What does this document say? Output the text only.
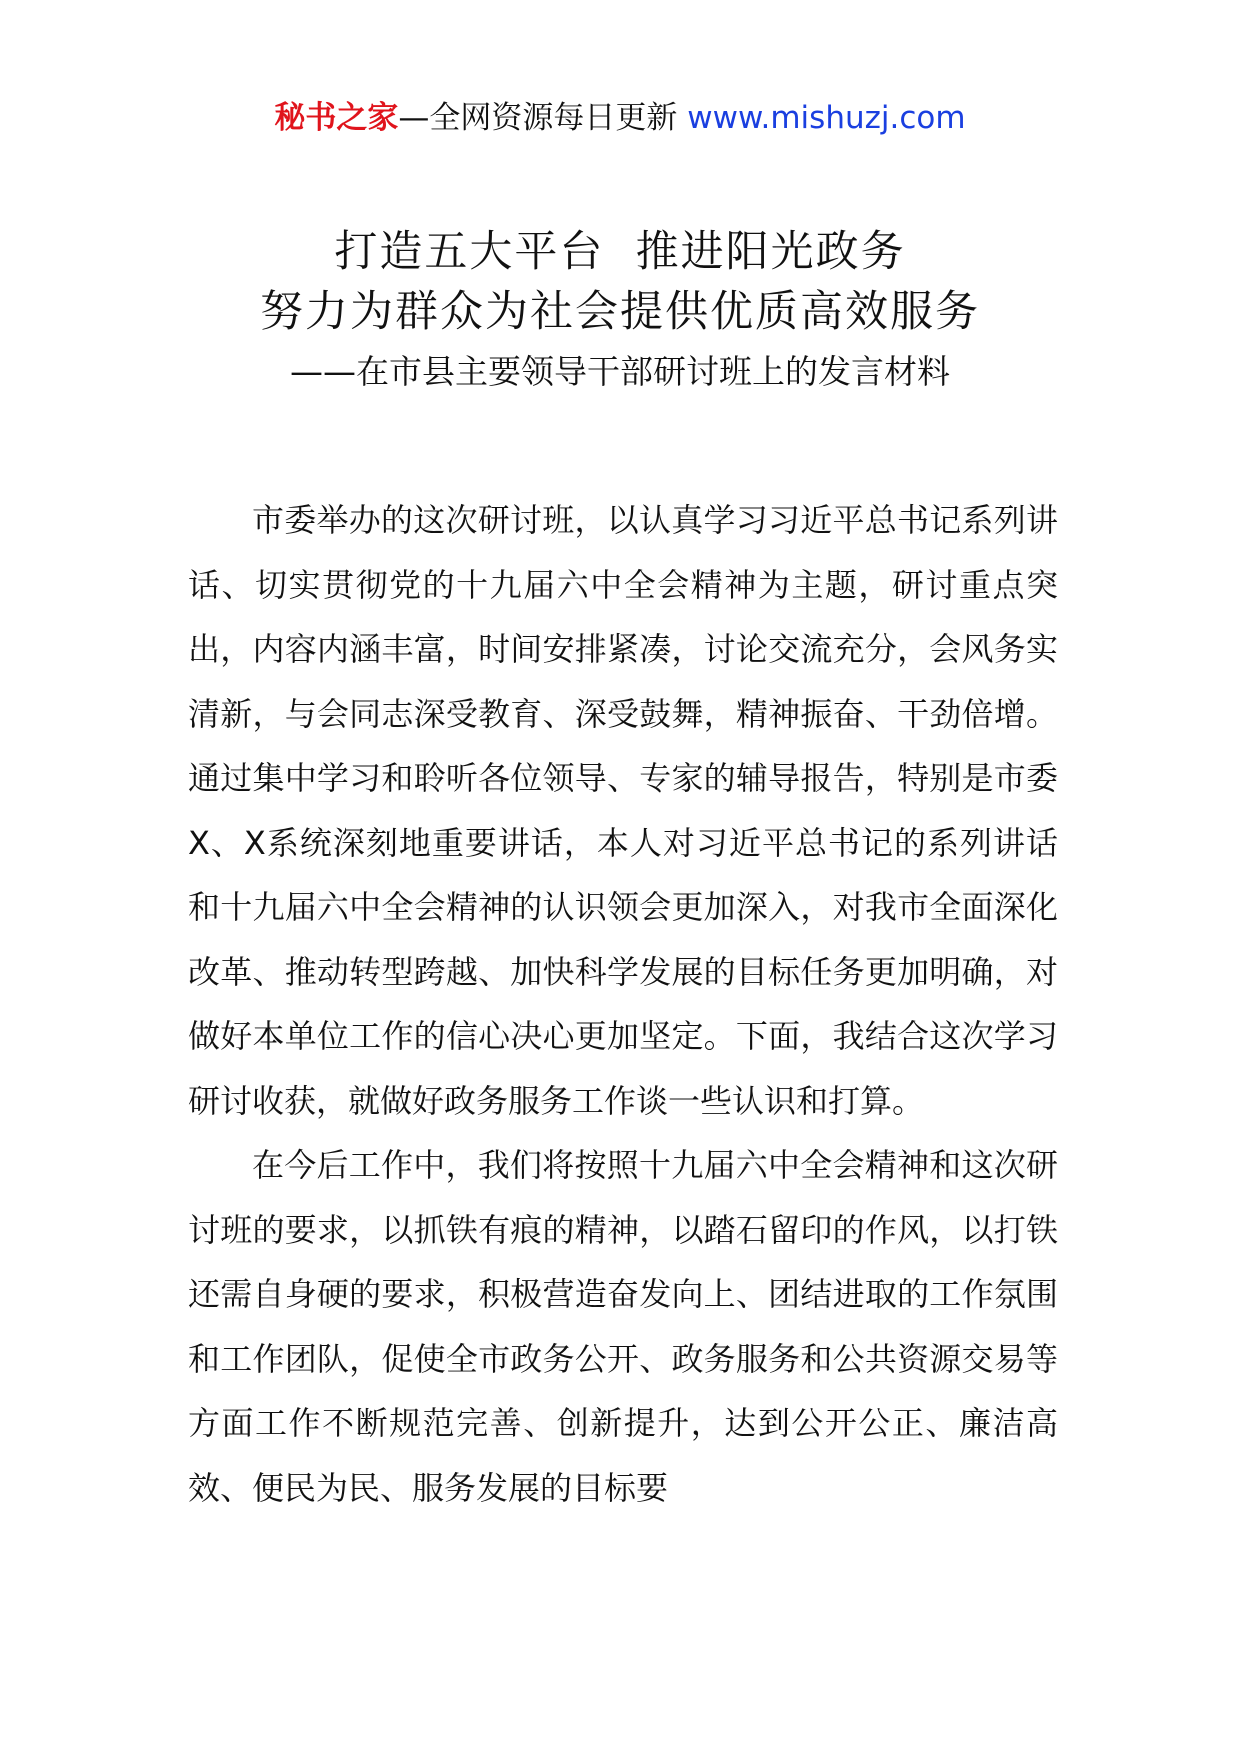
秘书之家—全网资源每日更新 www.mishuzj.com
打造五大平台  推进阳光政务
努力为群众为社会提供优质高效服务
——在市县主要领导干部研讨班上的发言材料

市委举办的这次研讨班，以认真学习习近平总书记系列讲话、切实贯彻党的十九届六中全会精神为主题，研讨重点突出，内容内涵丰富，时间安排紧凑，讨论交流充分，会风务实清新，与会同志深受教育、深受鼓舞，精神振奋、干劲倍增。通过集中学习和聆听各位领导、专家的辅导报告，特别是市委X、X系统深刻地重要讲话，本人对习近平总书记的系列讲话和十九届六中全会精神的认识领会更加深入，对我市全面深化改革、推动转型跨越、加快科学发展的目标任务更加明确，对做好本单位工作的信心决心更加坚定。下面，我结合这次学习研讨收获，就做好政务服务工作谈一些认识和打算。

在今后工作中，我们将按照十九届六中全会精神和这次研讨班的要求，以抓铁有痕的精神，以踏石留印的作风，以打铁还需自身硬的要求，积极营造奋发向上、团结进取的工作氛围和工作团队，促使全市政务公开、政务服务和公共资源交易等方面工作不断规范完善、创新提升，达到公开公正、廉洁高效、便民为民、服务发展的目标要
